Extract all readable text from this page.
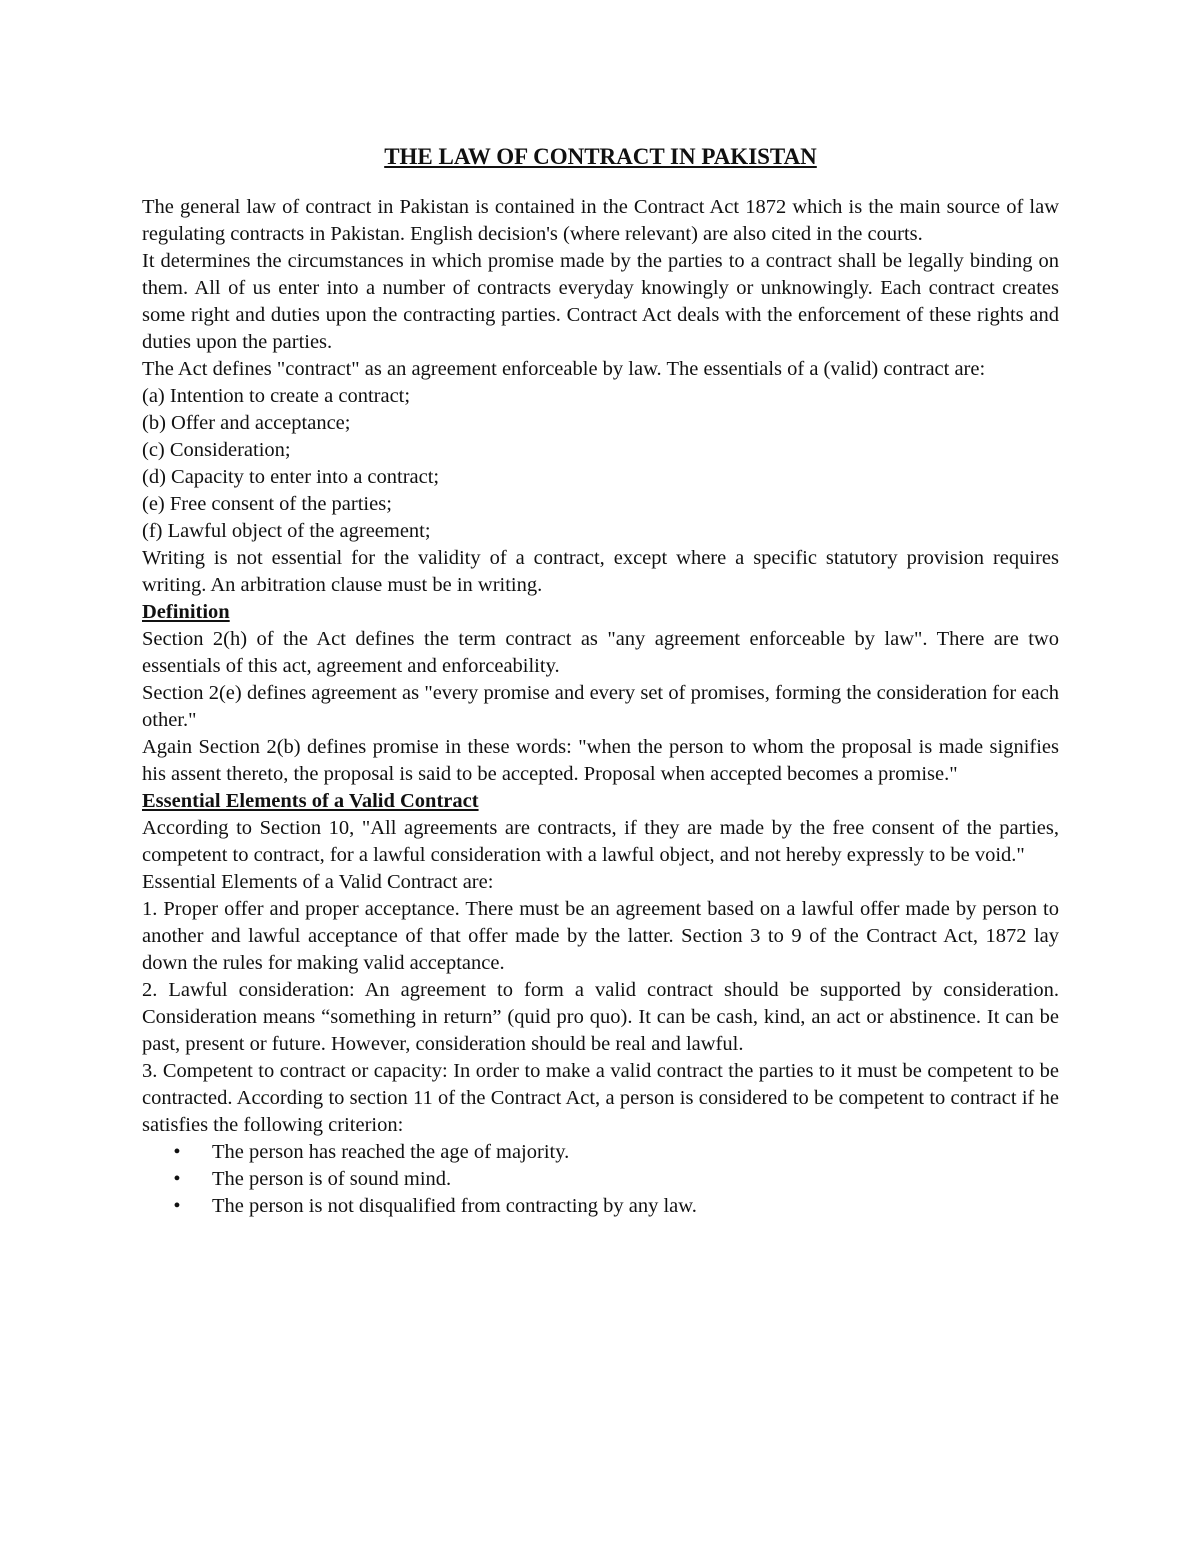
THE LAW OF CONTRACT IN PAKISTAN

The general law of contract in Pakistan is contained in the Contract Act 1872 which is the main source of law regulating contracts in Pakistan. English decision's (where relevant) are also cited in the courts.

It determines the circumstances in which promise made by the parties to a contract shall be legally binding on them. All of us enter into a number of contracts everyday knowingly or unknowingly. Each contract creates some right and duties upon the contracting parties. Contract Act deals with the enforcement of these rights and duties upon the parties.

The Act defines "contract" as an agreement enforceable by law. The essentials of a (valid) contract are:

(a) Intention to create a contract;
(b) Offer and acceptance;
(c) Consideration;
(d) Capacity to enter into a contract;
(e) Free consent of the parties;
(f) Lawful object of the agreement;

Writing is not essential for the validity of a contract, except where a specific statutory provision requires writing. An arbitration clause must be in writing.

Definition

Section 2(h) of the Act defines the term contract as "any agreement enforceable by law". There are two essentials of this act, agreement and enforceability.

Section 2(e) defines agreement as "every promise and every set of promises, forming the consideration for each other."

Again Section 2(b) defines promise in these words: "when the person to whom the proposal is made signifies his assent thereto, the proposal is said to be accepted. Proposal when accepted becomes a promise."

Essential Elements of a Valid Contract

According to Section 10, "All agreements are contracts, if they are made by the free consent of the parties, competent to contract, for a lawful consideration with a lawful object, and not hereby expressly to be void."

Essential Elements of a Valid Contract are:

1. Proper offer and proper acceptance. There must be an agreement based on a lawful offer made by person to another and lawful acceptance of that offer made by the latter. Section 3 to 9 of the Contract Act, 1872 lay down the rules for making valid acceptance.

2. Lawful consideration: An agreement to form a valid contract should be supported by consideration. Consideration means “something in return” (quid pro quo). It can be cash, kind, an act or abstinence. It can be past, present or future. However, consideration should be real and lawful.

3. Competent to contract or capacity: In order to make a valid contract the parties to it must be competent to be contracted. According to section 11 of the Contract Act, a person is considered to be competent to contract if he satisfies the following criterion:

• The person has reached the age of majority.
• The person is of sound mind.
• The person is not disqualified from contracting by any law.
